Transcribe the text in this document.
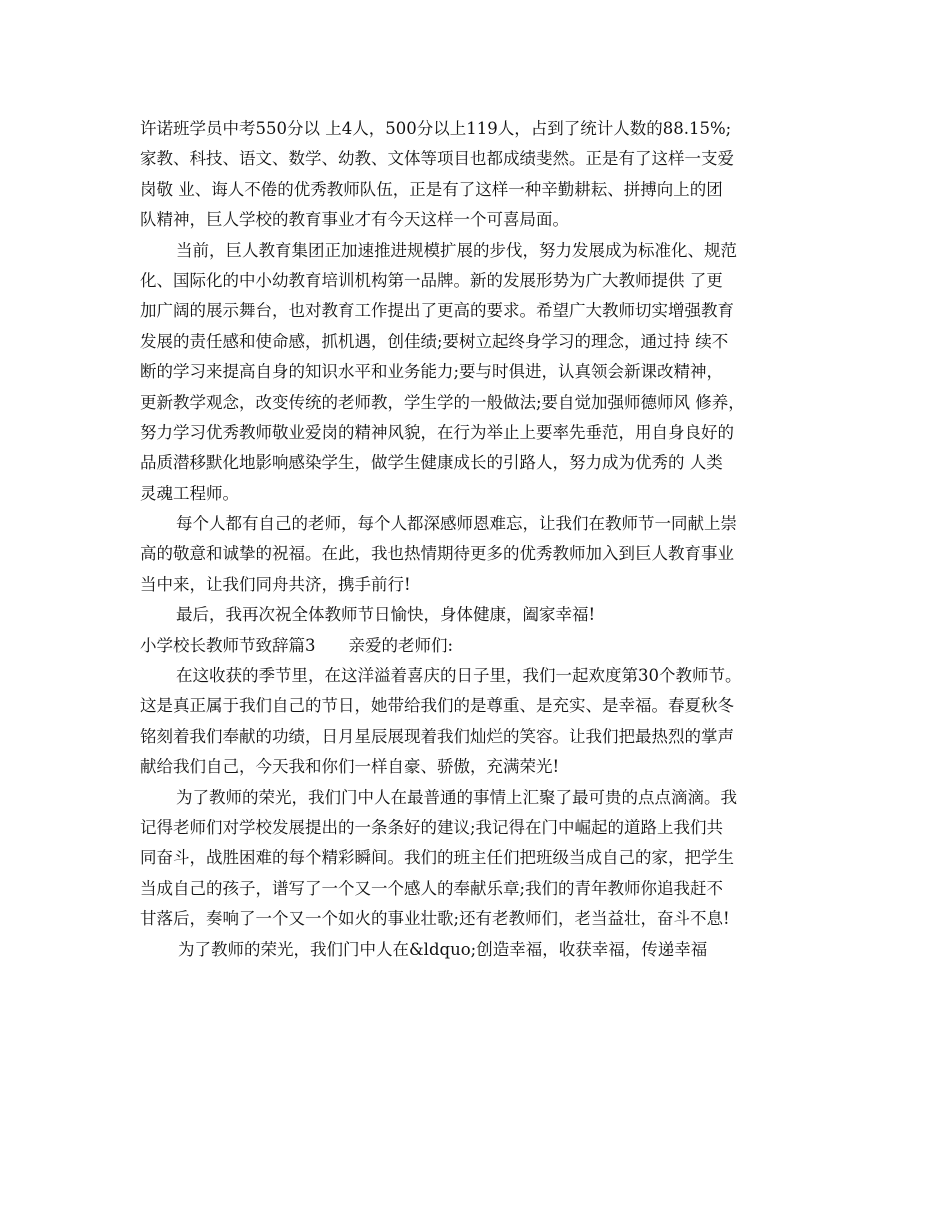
许诺班学员中考550分以 上4人，500分以上119人，占到了统计人数的88.15%;
家教、科技、语文、数学、幼教、文体等项目也都成绩斐然。正是有了这样一支爱
岗敬 业、诲人不倦的优秀教师队伍，正是有了这样一种辛勤耕耘、拼搏向上的团
队精神，巨人学校的教育事业才有今天这样一个可喜局面。
当前，巨人教育集团正加速推进规模扩展的步伐，努力发展成为标准化、规范
化、国际化的中小幼教育培训机构第一品牌。新的发展形势为广大教师提供 了更
加广阔的展示舞台，也对教育工作提出了更高的要求。希望广大教师切实增强教育
发展的责任感和使命感，抓机遇，创佳绩;要树立起终身学习的理念，通过持 续不
断的学习来提高自身的知识水平和业务能力;要与时俱进，认真领会新课改精神，
更新教学观念，改变传统的老师教，学生学的一般做法;要自觉加强师德师风 修养，
努力学习优秀教师敬业爱岗的精神风貌，在行为举止上要率先垂范，用自身良好的
品质潜移默化地影响感染学生，做学生健康成长的引路人，努力成为优秀的 人类
灵魂工程师。
每个人都有自己的老师，每个人都深感师恩难忘，让我们在教师节一同献上崇
高的敬意和诚挚的祝福。在此，我也热情期待更多的优秀教师加入到巨人教育事业
当中来，让我们同舟共济，携手前行!
最后，我再次祝全体教师节日愉快，身体健康，阖家幸福!
小学校长教师节致辞篇3　　亲爱的老师们:
在这收获的季节里，在这洋溢着喜庆的日子里，我们一起欢度第30个教师节。
这是真正属于我们自己的节日，她带给我们的是尊重、是充实、是幸福。春夏秋冬
铭刻着我们奉献的功绩，日月星辰展现着我们灿烂的笑容。让我们把最热烈的掌声
献给我们自己，今天我和你们一样自豪、骄傲，充满荣光!
为了教师的荣光，我们门中人在最普通的事情上汇聚了最可贵的点点滴滴。我
记得老师们对学校发展提出的一条条好的建议;我记得在门中崛起的道路上我们共
同奋斗，战胜困难的每个精彩瞬间。我们的班主任们把班级当成自己的家，把学生
当成自己的孩子，谱写了一个又一个感人的奉献乐章;我们的青年教师你追我赶不
甘落后，奏响了一个又一个如火的事业壮歌;还有老教师们，老当益壮，奋斗不息!
为了教师的荣光，我们门中人在&ldquo;创造幸福，收获幸福，传递幸福
